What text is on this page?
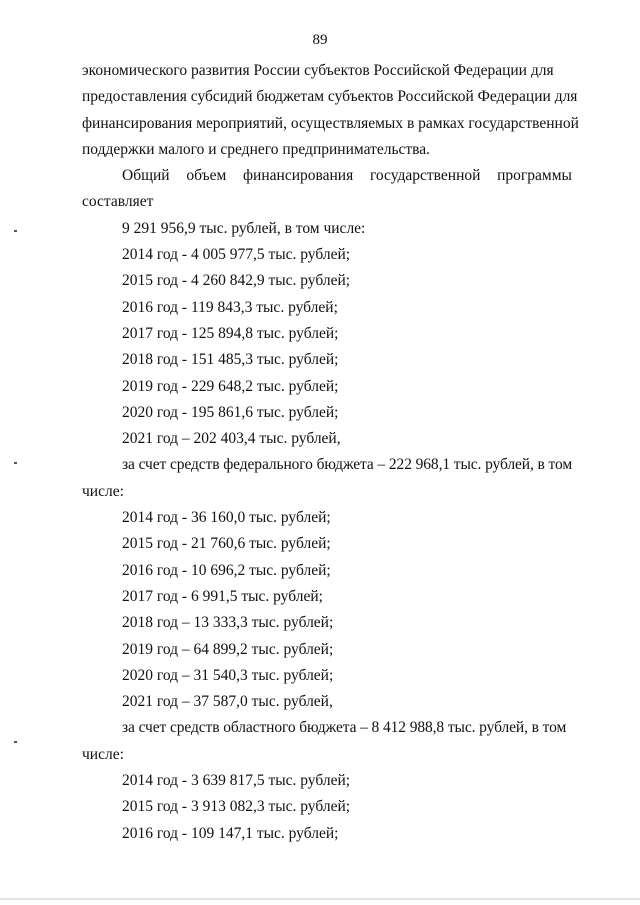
89
экономического развития России субъектов Российской Федерации для
предоставления субсидий бюджетам субъектов Российской Федерации для
финансирования мероприятий, осуществляемых в рамках государственной
поддержки малого и среднего предпринимательства.
Общий объем финансирования государственной программы
составляет
9 291 956,9 тыс. рублей, в том числе:
2014 год - 4 005 977,5 тыс. рублей;
2015 год - 4 260 842,9 тыс. рублей;
2016 год - 119 843,3 тыс. рублей;
2017 год - 125 894,8 тыс. рублей;
2018 год - 151 485,3 тыс. рублей;
2019 год - 229 648,2 тыс. рублей;
2020 год - 195 861,6 тыс. рублей;
2021 год – 202 403,4 тыс. рублей,
за счет средств федерального бюджета – 222 968,1 тыс. рублей, в том
числе:
2014 год - 36 160,0 тыс. рублей;
2015 год - 21 760,6 тыс. рублей;
2016 год - 10 696,2 тыс. рублей;
2017 год - 6 991,5 тыс. рублей;
2018 год – 13 333,3 тыс. рублей;
2019 год – 64 899,2 тыс. рублей;
2020 год – 31 540,3 тыс. рублей;
2021 год – 37 587,0 тыс. рублей,
за счет средств областного бюджета – 8 412 988,8 тыс. рублей, в том
числе:
2014 год - 3 639 817,5 тыс. рублей;
2015 год - 3 913 082,3 тыс. рублей;
2016 год - 109 147,1 тыс. рублей;
